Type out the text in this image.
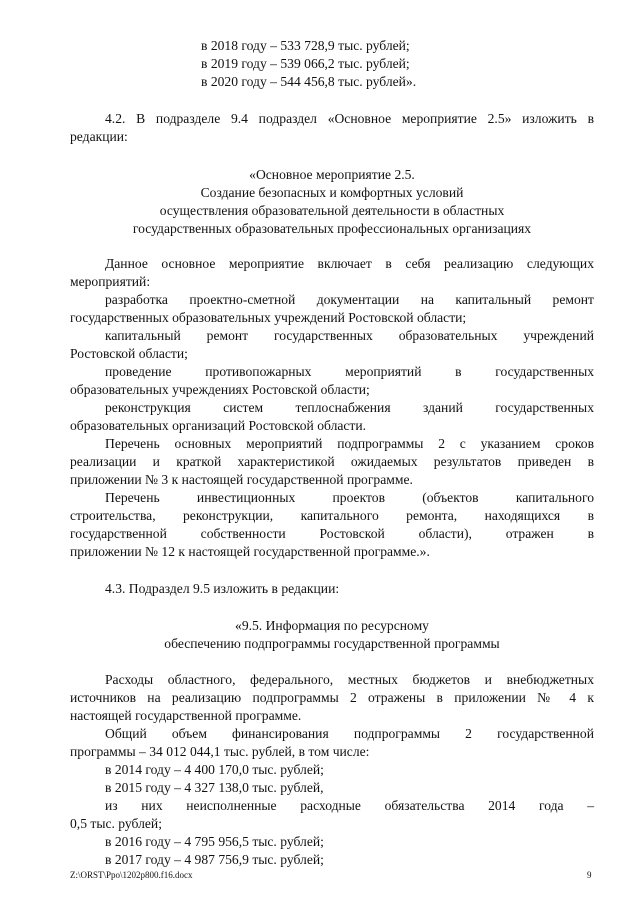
в 2018 году – 533 728,9 тыс. рублей;
в 2019 году – 539 066,2 тыс. рублей;
в 2020 году – 544 456,8 тыс. рублей».
4.2. В подразделе 9.4 подраздел «Основное мероприятие 2.5» изложить в
редакции:
«Основное мероприятие 2.5.
Создание безопасных и комфортных условий
осуществления образовательной деятельности в областных
государственных образовательных профессиональных организациях
Данное основное мероприятие включает в себя реализацию следующих
мероприятий:
разработка проектно-сметной документации на капитальный ремонт
государственных образовательных учреждений Ростовской области;
капитальный ремонт государственных образовательных учреждений
Ростовской области;
проведение противопожарных мероприятий в государственных
образовательных учреждениях Ростовской области;
реконструкция систем теплоснабжения зданий государственных
образовательных организаций Ростовской области.
Перечень основных мероприятий подпрограммы 2 с указанием сроков
реализации и краткой характеристикой ожидаемых результатов приведен в
приложении № 3 к настоящей государственной программе.
Перечень инвестиционных проектов (объектов капитального
строительства, реконструкции, капитального ремонта, находящихся в
государственной собственности Ростовской области), отражен в
приложении № 12 к настоящей государственной программе.».
4.3. Подраздел 9.5 изложить в редакции:
«9.5. Информация по ресурсному
обеспечению подпрограммы государственной программы
Расходы областного, федерального, местных бюджетов и внебюджетных
источников на реализацию подпрограммы 2 отражены в приложении № 4 к
настоящей государственной программе.
Общий объем финансирования подпрограммы 2 государственной
программы – 34 012 044,1 тыс. рублей, в том числе:
в 2014 году – 4 400 170,0 тыс. рублей;
в 2015 году – 4 327 138,0 тыс. рублей,
из них неисполненные расходные обязательства 2014 года –
0,5 тыс. рублей;
в 2016 году – 4 795 956,5 тыс. рублей;
в 2017 году – 4 987 756,9 тыс. рублей;
Z:\ORST\Ppo\1202p800.f16.docx	9
